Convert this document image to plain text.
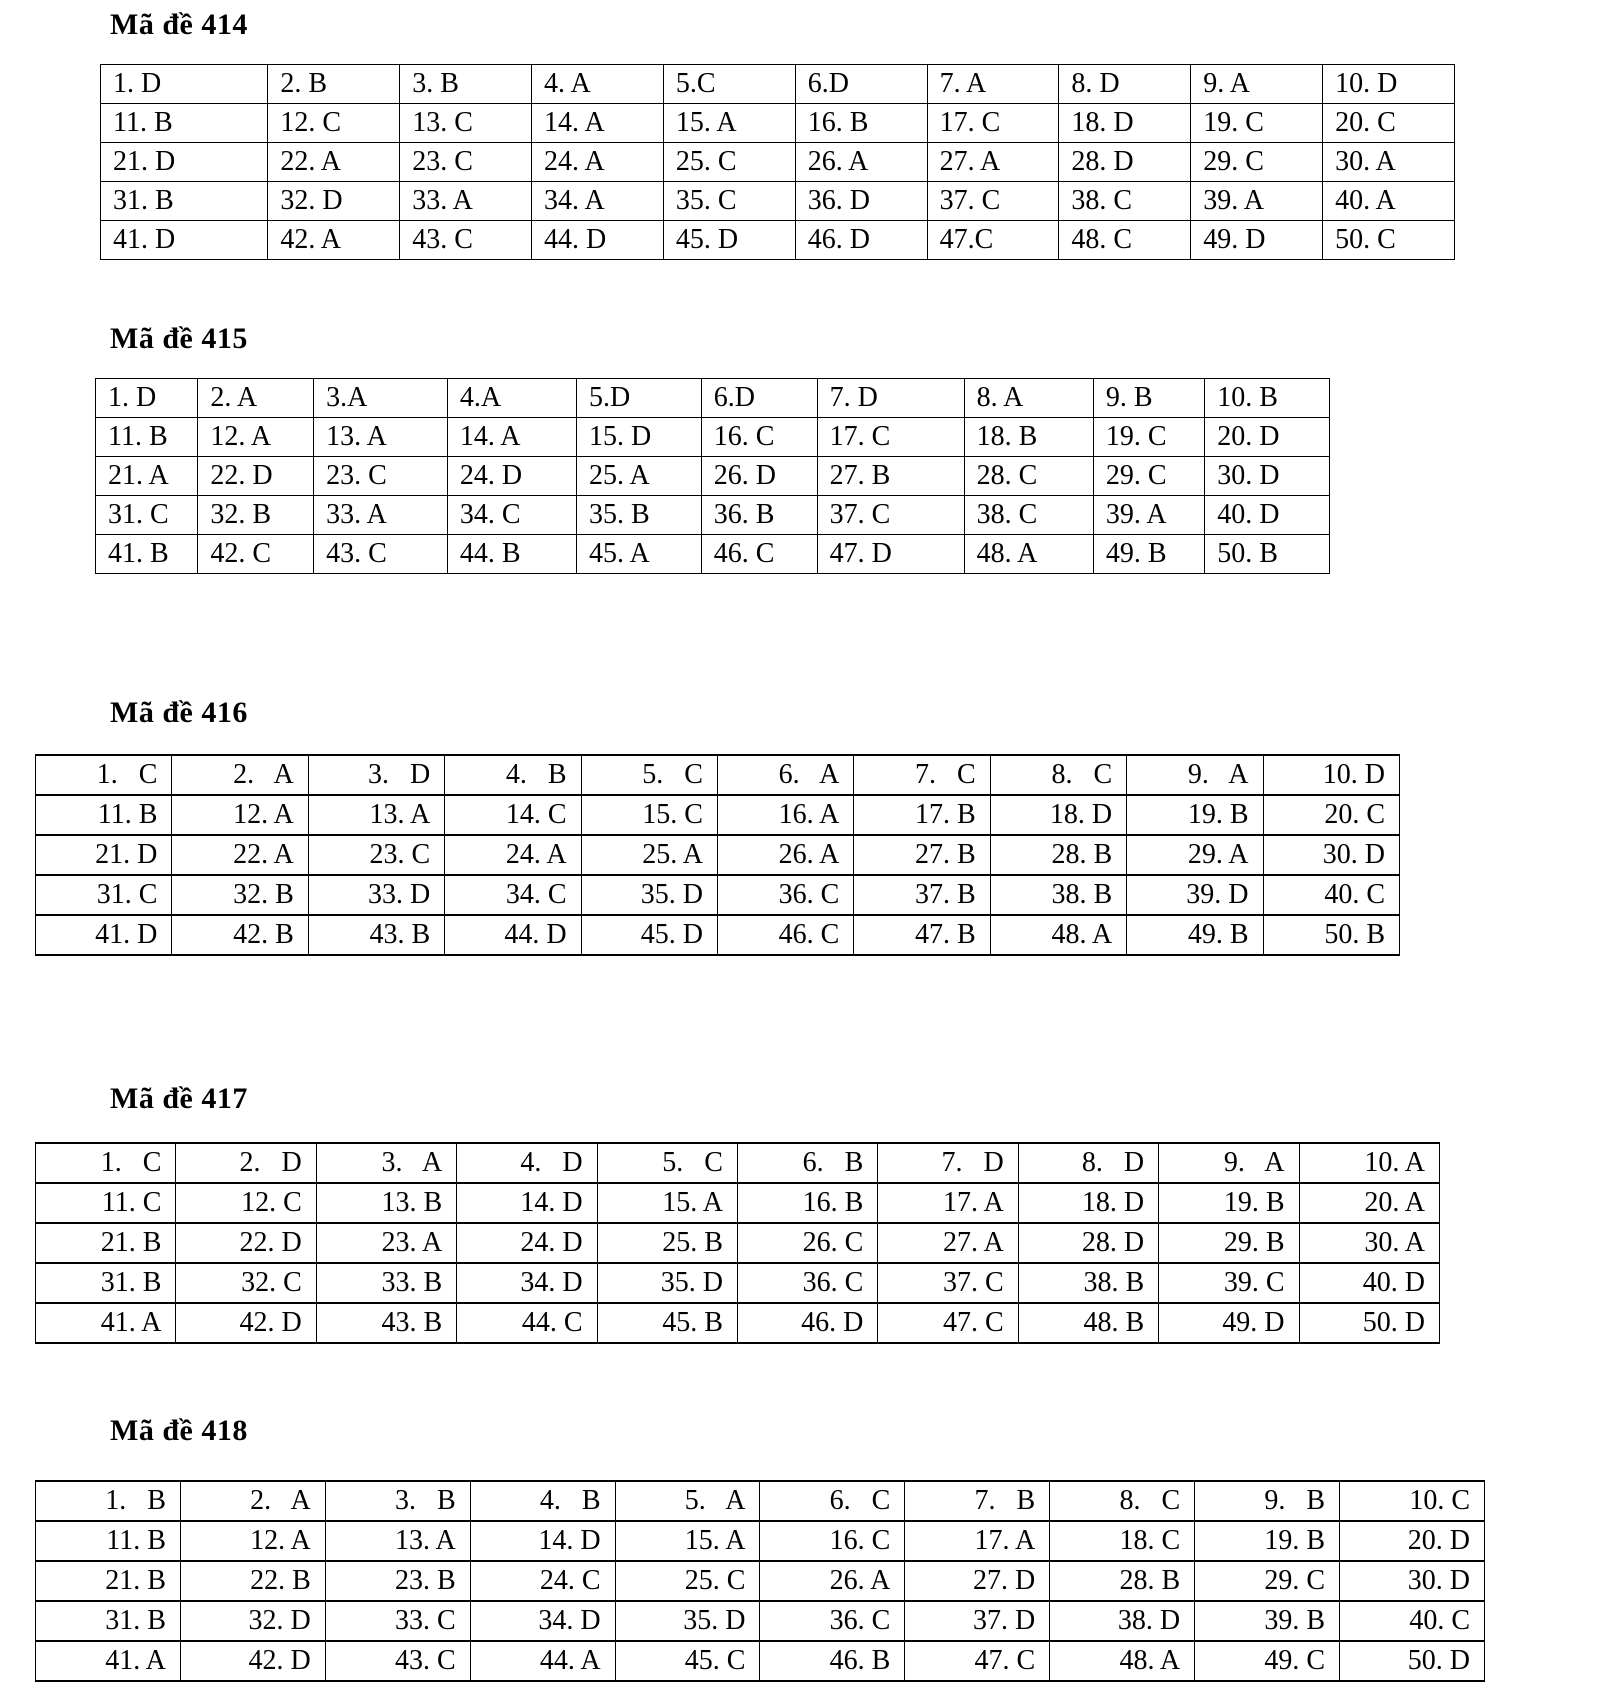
Mã đề 414
1. D	2. B	3. B	4. A	5.C	6.D	7. A	8. D	9. A	10. D
11. B	12. C	13. C	14. A	15. A	16. B	17. C	18. D	19. C	20. C
21. D	22. A	23. C	24. A	25. C	26. A	27. A	28. D	29. C	30. A
31. B	32. D	33. A	34. A	35. C	36. D	37. C	38. C	39. A	40. A
41. D	42. A	43. C	44. D	45. D	46. D	47.C	48. C	49. D	50. C
Mã đề 415
1. D	2. A	3.A	4.A	5.D	6.D	7. D	8. A	9. B	10. B
11. B	12. A	13. A	14. A	15. D	16. C	17. C	18. B	19. C	20. D
21. A	22. D	23. C	24. D	25. A	26. D	27. B	28. C	29. C	30. D
31. C	32. B	33. A	34. C	35. B	36. B	37. C	38. C	39. A	40. D
41. B	42. C	43. C	44. B	45. A	46. C	47. D	48. A	49. B	50. B
Mã đề 416
1.   C	2.   A	3.   D	4.   B	5.   C	6.   A	7.   C	8.   C	9.   A	10. D
11. B	12. A	13. A	14. C	15. C	16. A	17. B	18. D	19. B	20. C
21. D	22. A	23. C	24. A	25. A	26. A	27. B	28. B	29. A	30. D
31. C	32. B	33. D	34. C	35. D	36. C	37. B	38. B	39. D	40. C
41. D	42. B	43. B	44. D	45. D	46. C	47. B	48. A	49. B	50. B
Mã đề 417
1.   C	2.   D	3.   A	4.   D	5.   C	6.   B	7.   D	8.   D	9.   A	10. A
11. C	12. C	13. B	14. D	15. A	16. B	17. A	18. D	19. B	20. A
21. B	22. D	23. A	24. D	25. B	26. C	27. A	28. D	29. B	30. A
31. B	32. C	33. B	34. D	35. D	36. C	37. C	38. B	39. C	40. D
41. A	42. D	43. B	44. C	45. B	46. D	47. C	48. B	49. D	50. D
Mã đề 418
1.   B	2.   A	3.   B	4.   B	5.   A	6.   C	7.   B	8.   C	9.   B	10. C
11. B	12. A	13. A	14. D	15. A	16. C	17. A	18. C	19. B	20. D
21. B	22. B	23. B	24. C	25. C	26. A	27. D	28. B	29. C	30. D
31. B	32. D	33. C	34. D	35. D	36. C	37. D	38. D	39. B	40. C
41. A	42. D	43. C	44. A	45. C	46. B	47. C	48. A	49. C	50. D
